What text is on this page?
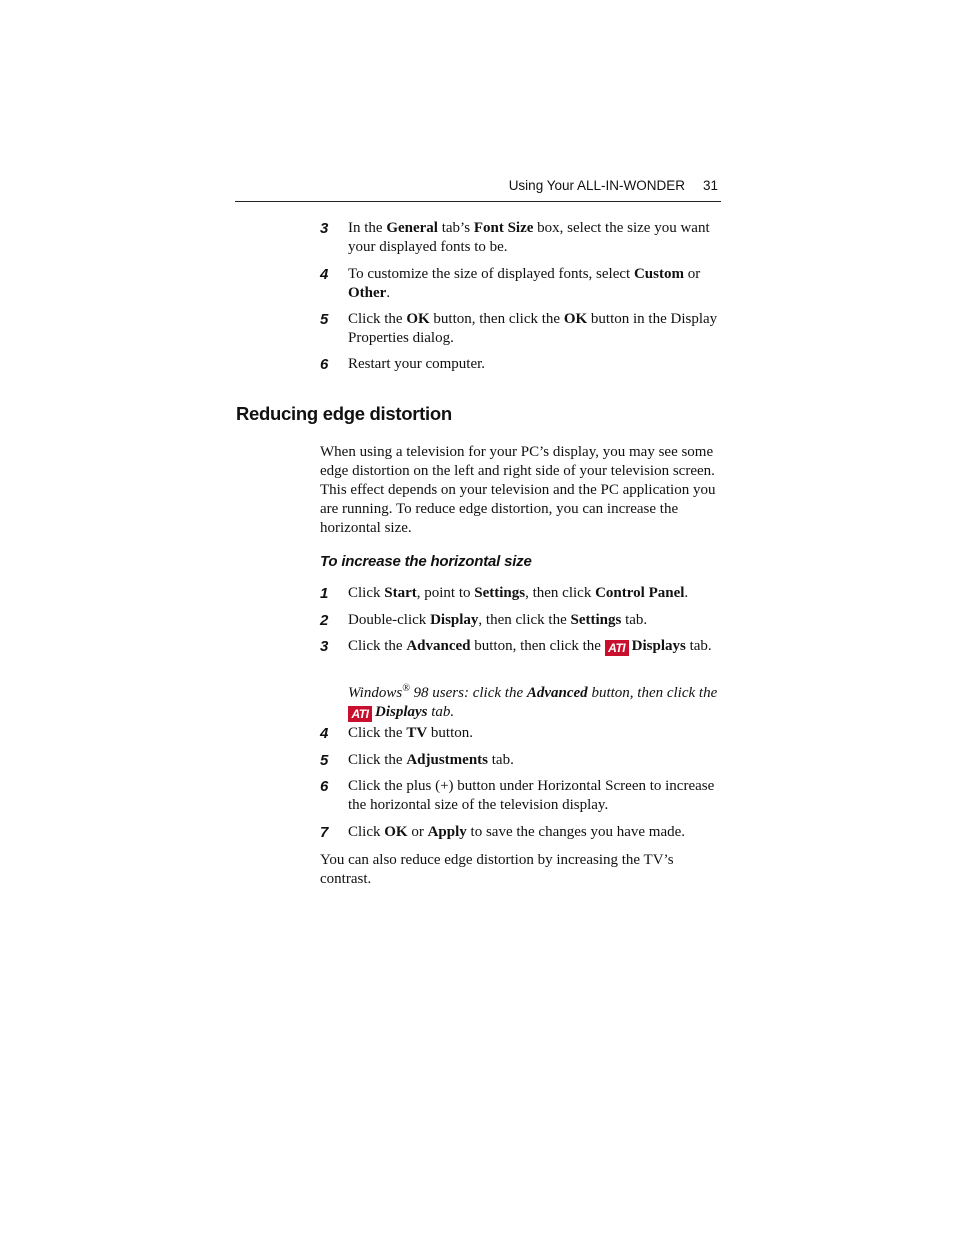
Using Your ALL-IN-WONDER 31
3	In the General tab’s Font Size box, select the size you want your displayed fonts to be.
4	To customize the size of displayed fonts, select Custom or Other.
5	Click the OK button, then click the OK button in the Display Properties dialog.
6	Restart your computer.
Reducing edge distortion
When using a television for your PC’s display, you may see some edge distortion on the left and right side of your television screen. This effect depends on your television and the PC application you are running. To reduce edge distortion, you can increase the horizontal size.
To increase the horizontal size
1	Click Start, point to Settings, then click Control Panel.
2	Double-click Display, then click the Settings tab.
3	Click the Advanced button, then click the ATI Displays tab.
Windows® 98 users: click the Advanced button, then click the ATI Displays tab.
4	Click the TV button.
5	Click the Adjustments tab.
6	Click the plus (+) button under Horizontal Screen to increase the horizontal size of the television display.
7	Click OK or Apply to save the changes you have made.
You can also reduce edge distortion by increasing the TV’s contrast.
